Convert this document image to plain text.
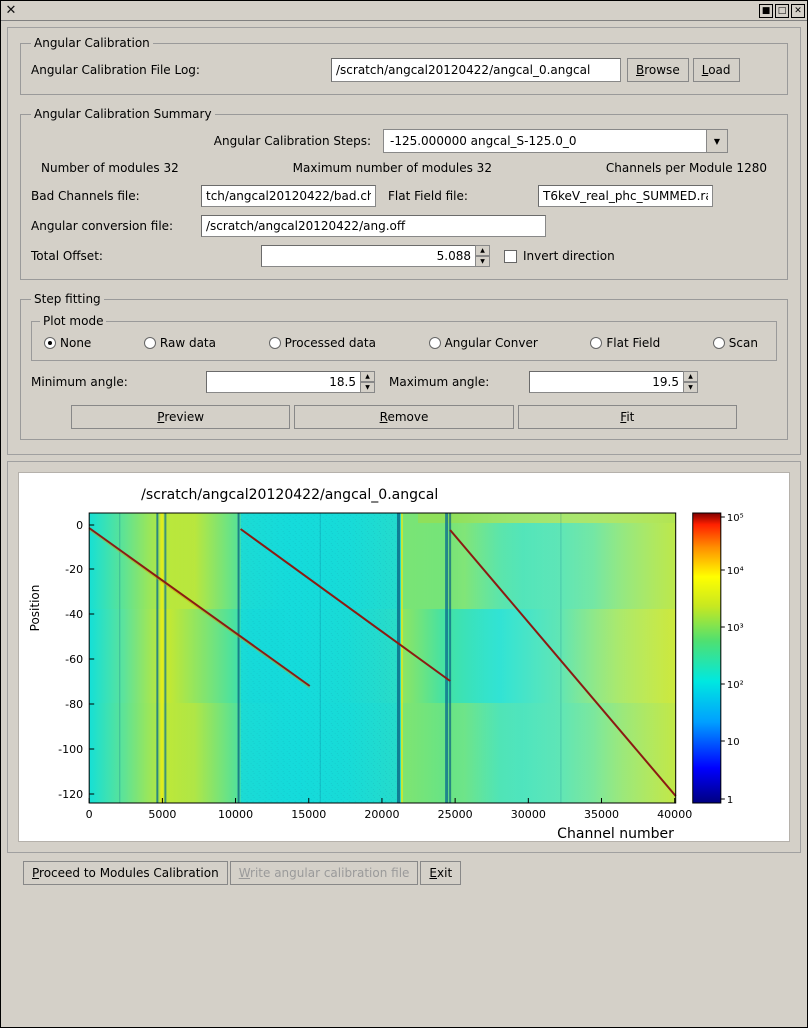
✕	■ □ ✕
Angular Calibration
Angular Calibration File Log:
/scratch/angcal20120422/angcal_0.angcal	Browse	Load
Angular Calibration Summary
Angular Calibration Steps:	-125.000000 angcal_S-125.0_0	▼
Number of modules 32	Maximum number of modules 32	Channels per Module 1280
Bad Channels file:
tch/angcal20120422/bad.chan	Flat Field file:
T6keV_real_phc_SUMMED.rav
Angular conversion file:
/scratch/angcal20120422/ang.off
Total Offset:
5.088	▲
▼	Invert direction
Step fitting
Plot mode
None	Raw data	Processed data	Angular Conver	Flat Field	Scan
Minimum angle:
18.5	▲
▼	Maximum angle:
19.5	▲
▼
Preview	Remove	Fit
/scratch/angcal20120422/angcal_0.angcal
Position
0	5000	10000	15000	20000	25000	30000	35000	40000
0
-20
-40
-60
-80
-100
-120
Channel number
1
10
10²
10³
10⁴
10⁵
Proceed to Modules Calibration	Write angular calibration file	Exit
